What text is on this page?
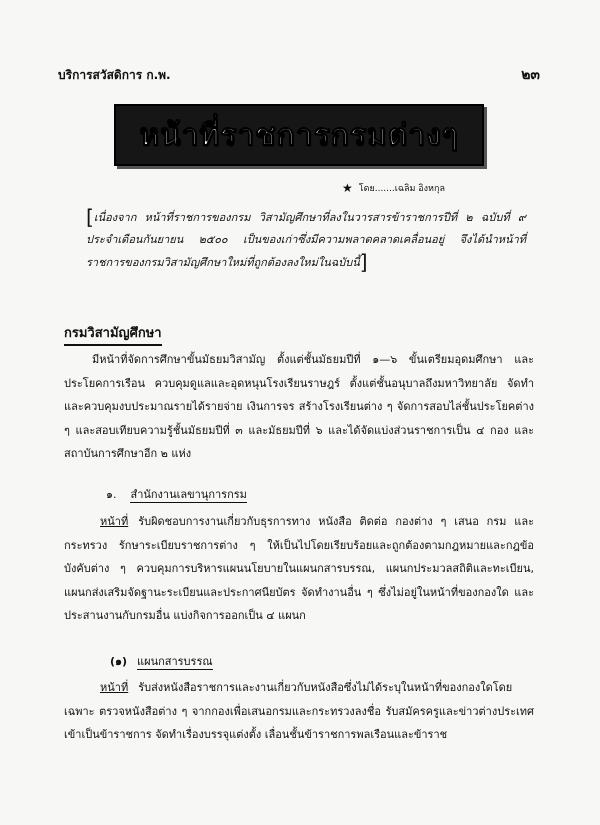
บริการสวัสดิการ ก.พ.	๒๓
หน้าที่ราชการกรมต่างๆ
★ โดย.......เฉลิม อิงหกุล
[เนื่องจาก หน้าที่ราชการของกรม วิสามัญศึกษาที่ลงในวารสารข้าราชการปีที่ ๒ ฉบับที่ ๙ ประจำเดือนกันยายน ๒๕๐๐ เป็นของเก่าซึ่งมีความพลาดคลาดเคลื่อนอยู่ จึงได้นำหน้าที่ราชการของกรมวิสามัญศึกษาใหม่ที่ถูกต้องลงใหม่ในฉบับนี้]
กรมวิสามัญศึกษา
มีหน้าที่จัดการศึกษาขั้นมัธยมวิสามัญ ตั้งแต่ชั้นมัธยมปีที่ ๑—๖ ขั้นเตรียมอุดมศึกษา และประโยคการเรือน ควบคุมดูแลและอุดหนุนโรงเรียนราษฎร์ ตั้งแต่ชั้นอนุบาลถึงมหาวิทยาลัย จัดทำและควบคุมงบประมาณรายได้รายจ่าย เงินการจร สร้างโรงเรียนต่าง ๆ จัดการสอบไล่ชั้นประโยคต่าง ๆ และสอบเทียบความรู้ชั้นมัธยมปีที่ ๓ และมัธยมปีที่ ๖ และได้จัดแบ่งส่วนราชการเป็น ๔ กอง และสถาบันการศึกษาอีก ๒ แห่ง
๑. สำนักงานเลขานุการกรม
หน้าที่ รับผิดชอบการงานเกี่ยวกับธุรการทาง หนังสือ ติดต่อ กองต่าง ๆ เสนอ กรม และกระทรวง รักษาระเบียบราชการต่าง ๆ ให้เป็นไปโดยเรียบร้อยและถูกต้องตามกฎหมายและกฎข้อบังคับต่าง ๆ ควบคุมการบริหารแผนนโยบายในแผนกสารบรรณ, แผนกประมวลสถิติและทะเบียน, แผนกส่งเสริมจัดฐานะระเบียนและประกาศนียบัตร จัดทำงานอื่น ๆ ซึ่งไม่อยู่ในหน้าที่ของกองใด และประสานงานกับกรมอื่น แบ่งกิจการออกเป็น ๔ แผนก
(๑) แผนกสารบรรณ
หน้าที่ รับส่งหนังสือราชการและงานเกี่ยวกับหนังสือซึ่งไม่ได้ระบุในหน้าที่ของกองใดโดยเฉพาะ ตรวจหนังสือต่าง ๆ จากกองเพื่อเสนอกรมและกระทรวงลงชื่อ รับสมัครครูและข่าวต่างประเทศเข้าเป็นข้าราชการ จัดทำเรื่องบรรจุแต่งตั้ง เลื่อนชั้นข้าราชการพลเรือนและข้าราช
